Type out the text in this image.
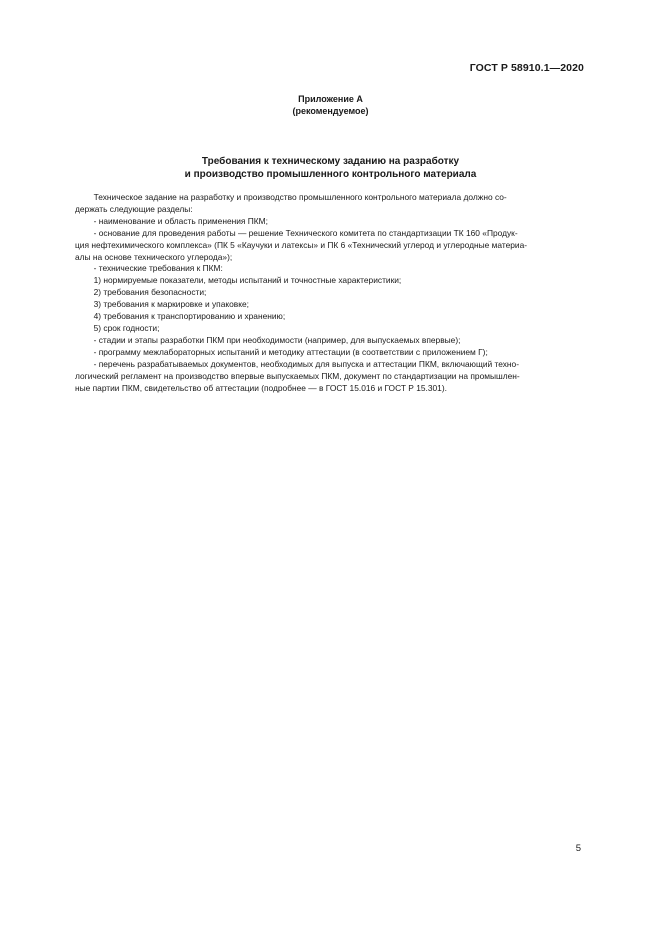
ГОСТ Р 58910.1—2020
Приложение А
(рекомендуемое)
Требования к техническому заданию на разработку
и производство промышленного контрольного материала

Техническое задание на разработку и производство промышленного контрольного материала должно со-

держать следующие разделы:

- наименование и область применения ПКМ;

- основание для проведения работы — решение Технического комитета по стандартизации ТК 160 «Продук-

ция нефтехимического комплекса» (ПК 5 «Каучуки и латексы» и ПК 6 «Технический углерод и углеродные материа-

алы на основе технического углерода»);

- технические требования к ПКМ:

1) нормируемые показатели, методы испытаний и точностные характеристики;

2) требования безопасности;

3) требования к маркировке и упаковке;

4) требования к транспортированию и хранению;

5) срок годности;

- стадии и этапы разработки ПКМ при необходимости (например, для выпускаемых впервые);

- программу межлабораторных испытаний и методику аттестации (в соответствии с приложением Г);

- перечень разрабатываемых документов, необходимых для выпуска и аттестации ПКМ, включающий техно-

логический регламент на производство впервые выпускаемых ПКМ, документ по стандартизации на промышлен-

ные партии ПКМ, свидетельство об аттестации (подробнее — в ГОСТ 15.016 и ГОСТ Р 15.301).

5
